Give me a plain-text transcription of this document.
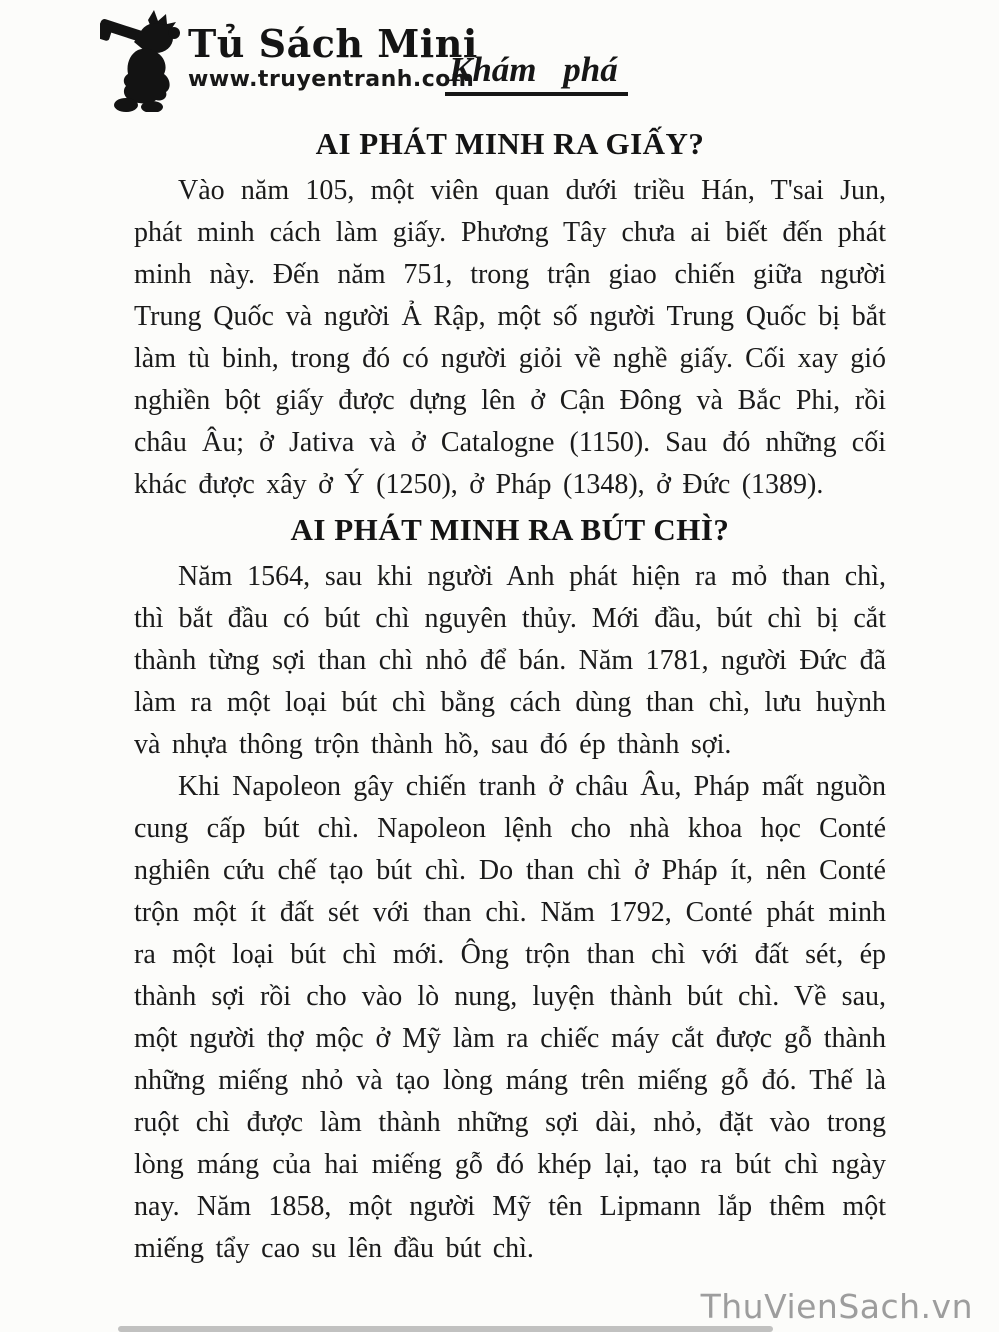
Tủ Sách Mini
www.truyentranh.com
Khám phá
AI PHÁT MINH RA GIẤY?

Vào năm 105, một viên quan dưới triều Hán, T'sai Jun, phát minh cách làm giấy. Phương Tây chưa ai biết đến phát minh này. Đến năm 751, trong trận giao chiến giữa người Trung Quốc và người Ả Rập, một số người Trung Quốc bị bắt làm tù binh, trong đó có người giỏi về nghề giấy. Cối xay gió nghiền bột giấy được dựng lên ở Cận Đông và Bắc Phi, rồi châu Âu; ở Jativa và ở Catalogne (1150). Sau đó những cối khác được xây ở Ý (1250), ở Pháp (1348), ở Đức (1389).

AI PHÁT MINH RA BÚT CHÌ?

Năm 1564, sau khi người Anh phát hiện ra mỏ than chì, thì bắt đầu có bút chì nguyên thủy. Mới đầu, bút chì bị cắt thành từng sợi than chì nhỏ để bán. Năm 1781, người Đức đã làm ra một loại bút chì bằng cách dùng than chì, lưu huỳnh và nhựa thông trộn thành hồ, sau đó ép thành sợi.

Khi Napoleon gây chiến tranh ở châu Âu, Pháp mất nguồn cung cấp bút chì. Napoleon lệnh cho nhà khoa học Conté nghiên cứu chế tạo bút chì. Do than chì ở Pháp ít, nên Conté trộn một ít đất sét với than chì. Năm 1792, Conté phát minh ra một loại bút chì mới. Ông trộn than chì với đất sét, ép thành sợi rồi cho vào lò nung, luyện thành bút chì. Về sau, một người thợ mộc ở Mỹ làm ra chiếc máy cắt được gỗ thành những miếng nhỏ và tạo lòng máng trên miếng gỗ đó. Thế là ruột chì được làm thành những sợi dài, nhỏ, đặt vào trong lòng máng của hai miếng gỗ đó khép lại, tạo ra bút chì ngày nay. Năm 1858, một người Mỹ tên Lipmann lắp thêm một miếng tẩy cao su lên đầu bút chì.

ThuVienSach.vn
